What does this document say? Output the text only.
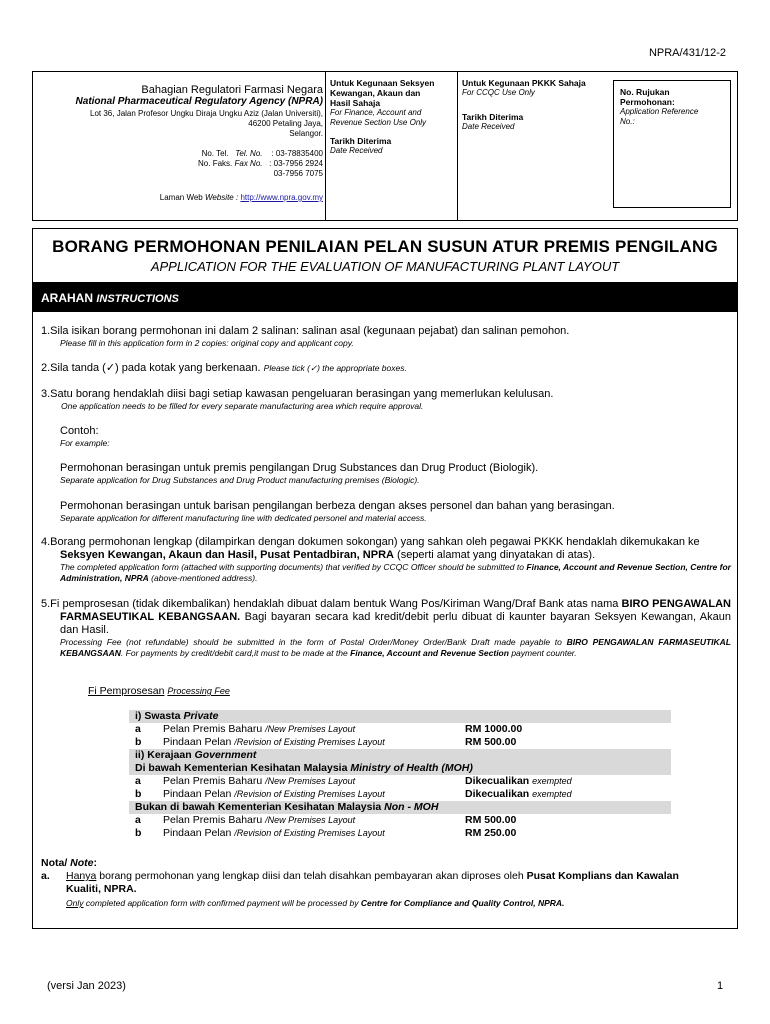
NPRA/431/12-2
Bahagian Regulatori Farmasi Negara
National Pharmaceutical Regulatory Agency (NPRA)
Lot 36, Jalan Profesor Ungku Diraja Ungku Aziz (Jalan Universiti),
46200 Petaling Jaya,
Selangor.
No. Tel. Tel. No. : 03-78835400
No. Faks. Fax No. : 03-7956 2924
03-7956 7075
Laman Web Website : http://www.npra.gov.my
Untuk Kegunaan Seksyen
Kewangan, Akaun dan
Hasil Sahaja
For Finance, Account and
Revenue Section Use Only
Tarikh Diterima
Date Received
Untuk Kegunaan PKKK Sahaja
For CCQC Use Only
Tarikh Diterima
Date Received
No. Rujukan
Permohonan:
Application Reference
No.:
BORANG PERMOHONAN PENILAIAN PELAN SUSUN ATUR PREMIS PENGILANG
APPLICATION FOR THE EVALUATION OF MANUFACTURING PLANT LAYOUT
ARAHAN INSTRUCTIONS
1.Sila isikan borang permohonan ini dalam 2 salinan: salinan asal (kegunaan pejabat) dan salinan pemohon.
Please fill in this application form in 2 copies: original copy and applicant copy.
2.Sila tanda (✓) pada kotak yang berkenaan. Please tick (✓) the appropriate boxes.
3.Satu borang hendaklah diisi bagi setiap kawasan pengeluaran berasingan yang memerlukan kelulusan.
One application needs to be filled for every separate manufacturing area which require approval.
Contoh:
For example:
Permohonan berasingan untuk premis pengilangan Drug Substances dan Drug Product (Biologik).
Separate application for Drug Substances and Drug Product manufacturing premises (Biologic).
Permohonan berasingan untuk barisan pengilangan berbeza dengan akses personel dan bahan yang berasingan.
Separate application for different manufacturing line with dedicated personel and material access.
4.Borang permohonan lengkap (dilampirkan dengan dokumen sokongan) yang sahkan oleh pegawai PKKK hendaklah dikemukakan ke
Seksyen Kewangan, Akaun dan Hasil, Pusat Pentadbiran, NPRA (seperti alamat yang dinyatakan di atas).
The completed application form (attached with supporting documents) that verified by CCQC Officer should be submitted to Finance, Account and Revenue Section, Centre for Administration, NPRA (above-mentioned address).
5.Fi pemprosesan (tidak dikembalikan) hendaklah dibuat dalam bentuk Wang Pos/Kiriman Wang/Draf Bank atas nama BIRO PENGAWALAN FARMASEUTIKAL KEBANGSAAN. Bagi bayaran secara kad kredit/debit perlu dibuat di kaunter bayaran Seksyen Kewangan, Akaun dan Hasil.
Processing Fee (not refundable) should be submitted in the form of Postal Order/Money Order/Bank Draft made payable to BIRO PENGAWALAN FARMASEUTIKAL KEBANGSAAN. For payments by credit/debit card,it must to be made at the Finance, Account and Revenue Section payment counter.
Fi Pemprosesan Processing Fee
i) Swasta Private
a Pelan Premis Baharu /New Premises Layout	RM 1000.00
b Pindaan Pelan /Revision of Existing Premises Layout	RM 500.00
ii) Kerajaan Government
Di bawah Kementerian Kesihatan Malaysia Ministry of Health (MOH)
a Pelan Premis Baharu /New Premises Layout	Dikecualikan exempted
b Pindaan Pelan /Revision of Existing Premises Layout	Dikecualikan exempted
Bukan di bawah Kementerian Kesihatan Malaysia Non - MOH
a Pelan Premis Baharu /New Premises Layout	RM 500.00
b Pindaan Pelan /Revision of Existing Premises Layout	RM 250.00
Nota/ Note:
a. Hanya borang permohonan yang lengkap diisi dan telah disahkan pembayaran akan diproses oleh Pusat Komplians dan Kawalan Kualiti, NPRA.
Only completed application form with confirmed payment will be processed by Centre for Compliance and Quality Control, NPRA.
(versi Jan 2023)	1
